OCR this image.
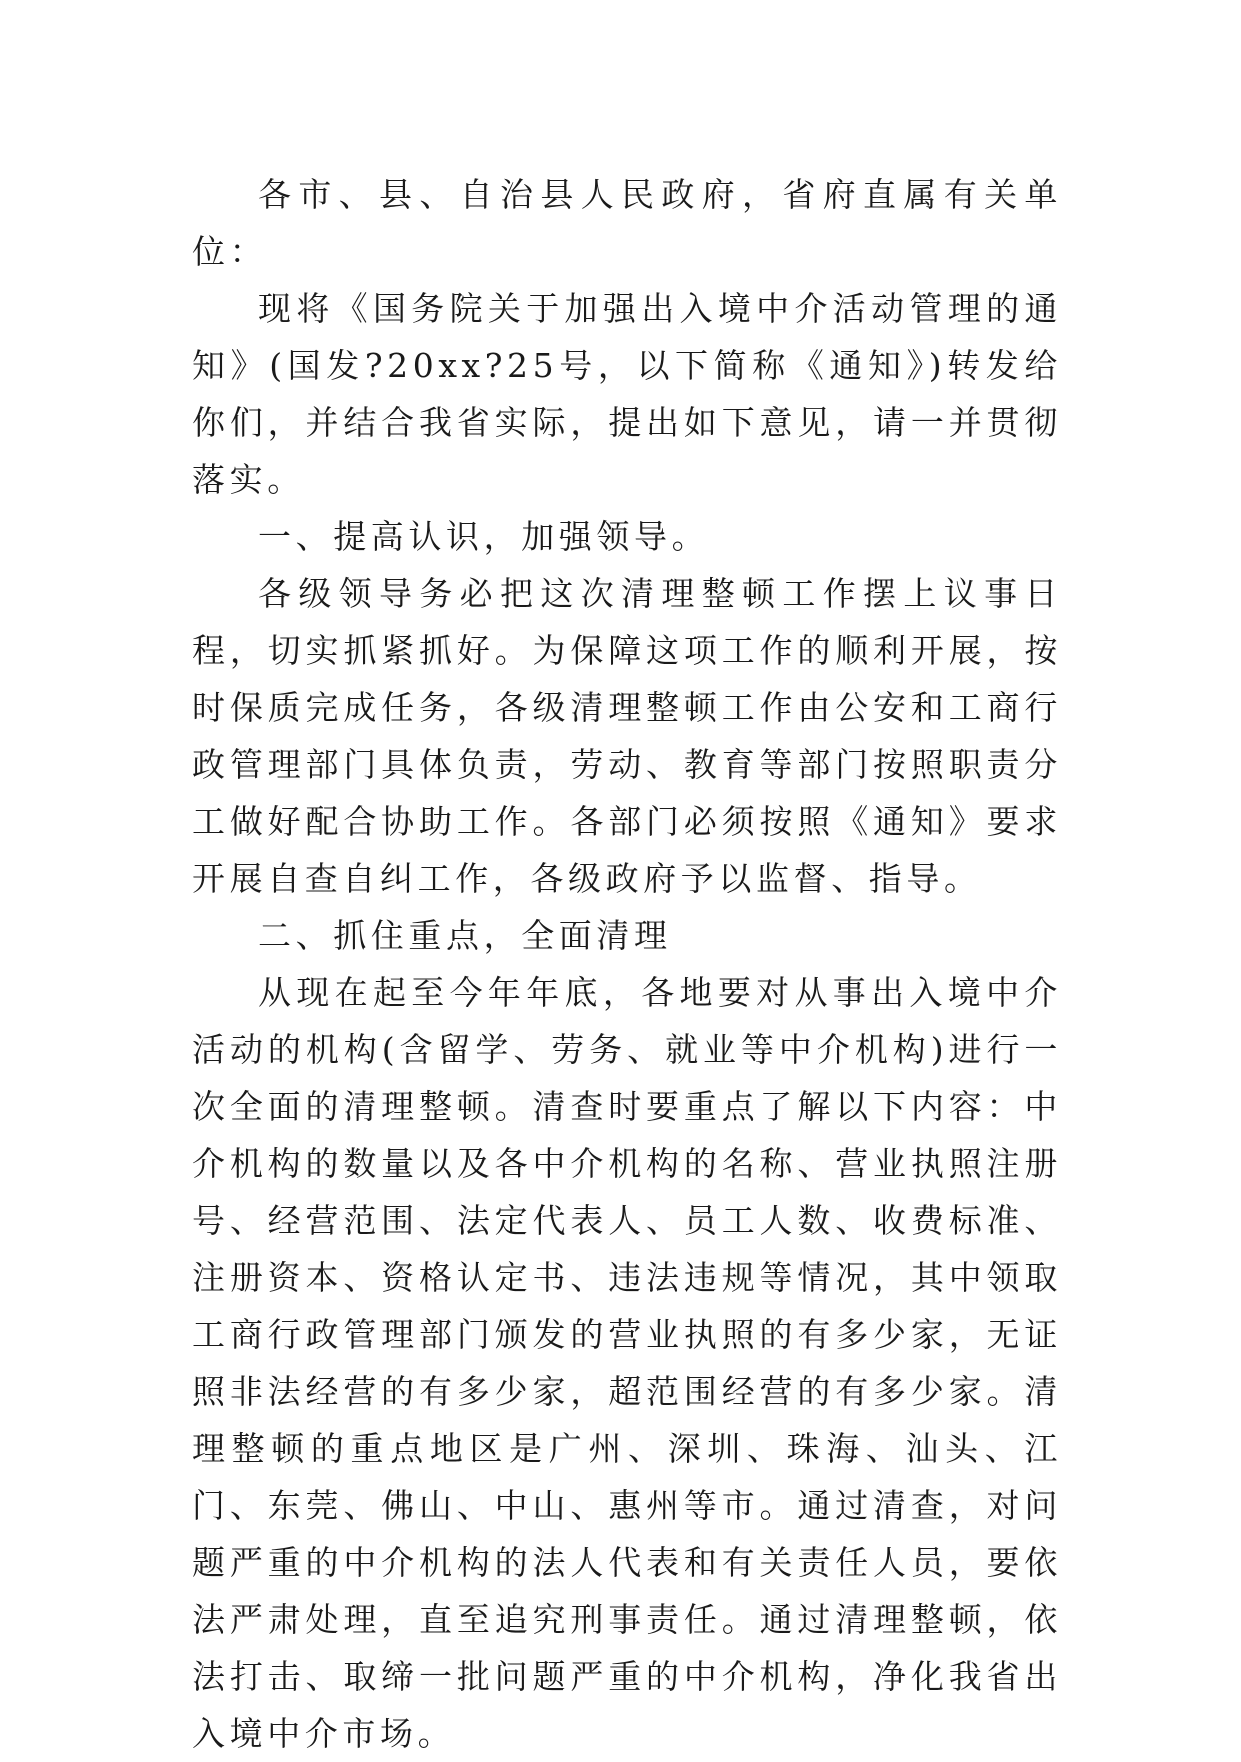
各市、县、自治县人民政府，省府直属有关单位：

现将《国务院关于加强出入境中介活动管理的通知》(国发?20xx?25号，以下简称《通知》)转发给你们，并结合我省实际，提出如下意见，请一并贯彻落实。

一、提高认识，加强领导。

各级领导务必把这次清理整顿工作摆上议事日程，切实抓紧抓好。为保障这项工作的顺利开展，按时保质完成任务，各级清理整顿工作由公安和工商行政管理部门具体负责，劳动、教育等部门按照职责分工做好配合协助工作。各部门必须按照《通知》要求开展自查自纠工作，各级政府予以监督、指导。

二、抓住重点，全面清理

从现在起至今年年底，各地要对从事出入境中介活动的机构(含留学、劳务、就业等中介机构)进行一次全面的清理整顿。清查时要重点了解以下内容：中介机构的数量以及各中介机构的名称、营业执照注册号、经营范围、法定代表人、员工人数、收费标准、注册资本、资格认定书、违法违规等情况，其中领取工商行政管理部门颁发的营业执照的有多少家，无证照非法经营的有多少家，超范围经营的有多少家。清理整顿的重点地区是广州、深圳、珠海、汕头、江门、东莞、佛山、中山、惠州等市。通过清查，对问题严重的中介机构的法人代表和有关责任人员，要依法严肃处理，直至追究刑事责任。通过清理整顿，依法打击、取缔一批问题严重的中介机构，净化我省出入境中介市场。
